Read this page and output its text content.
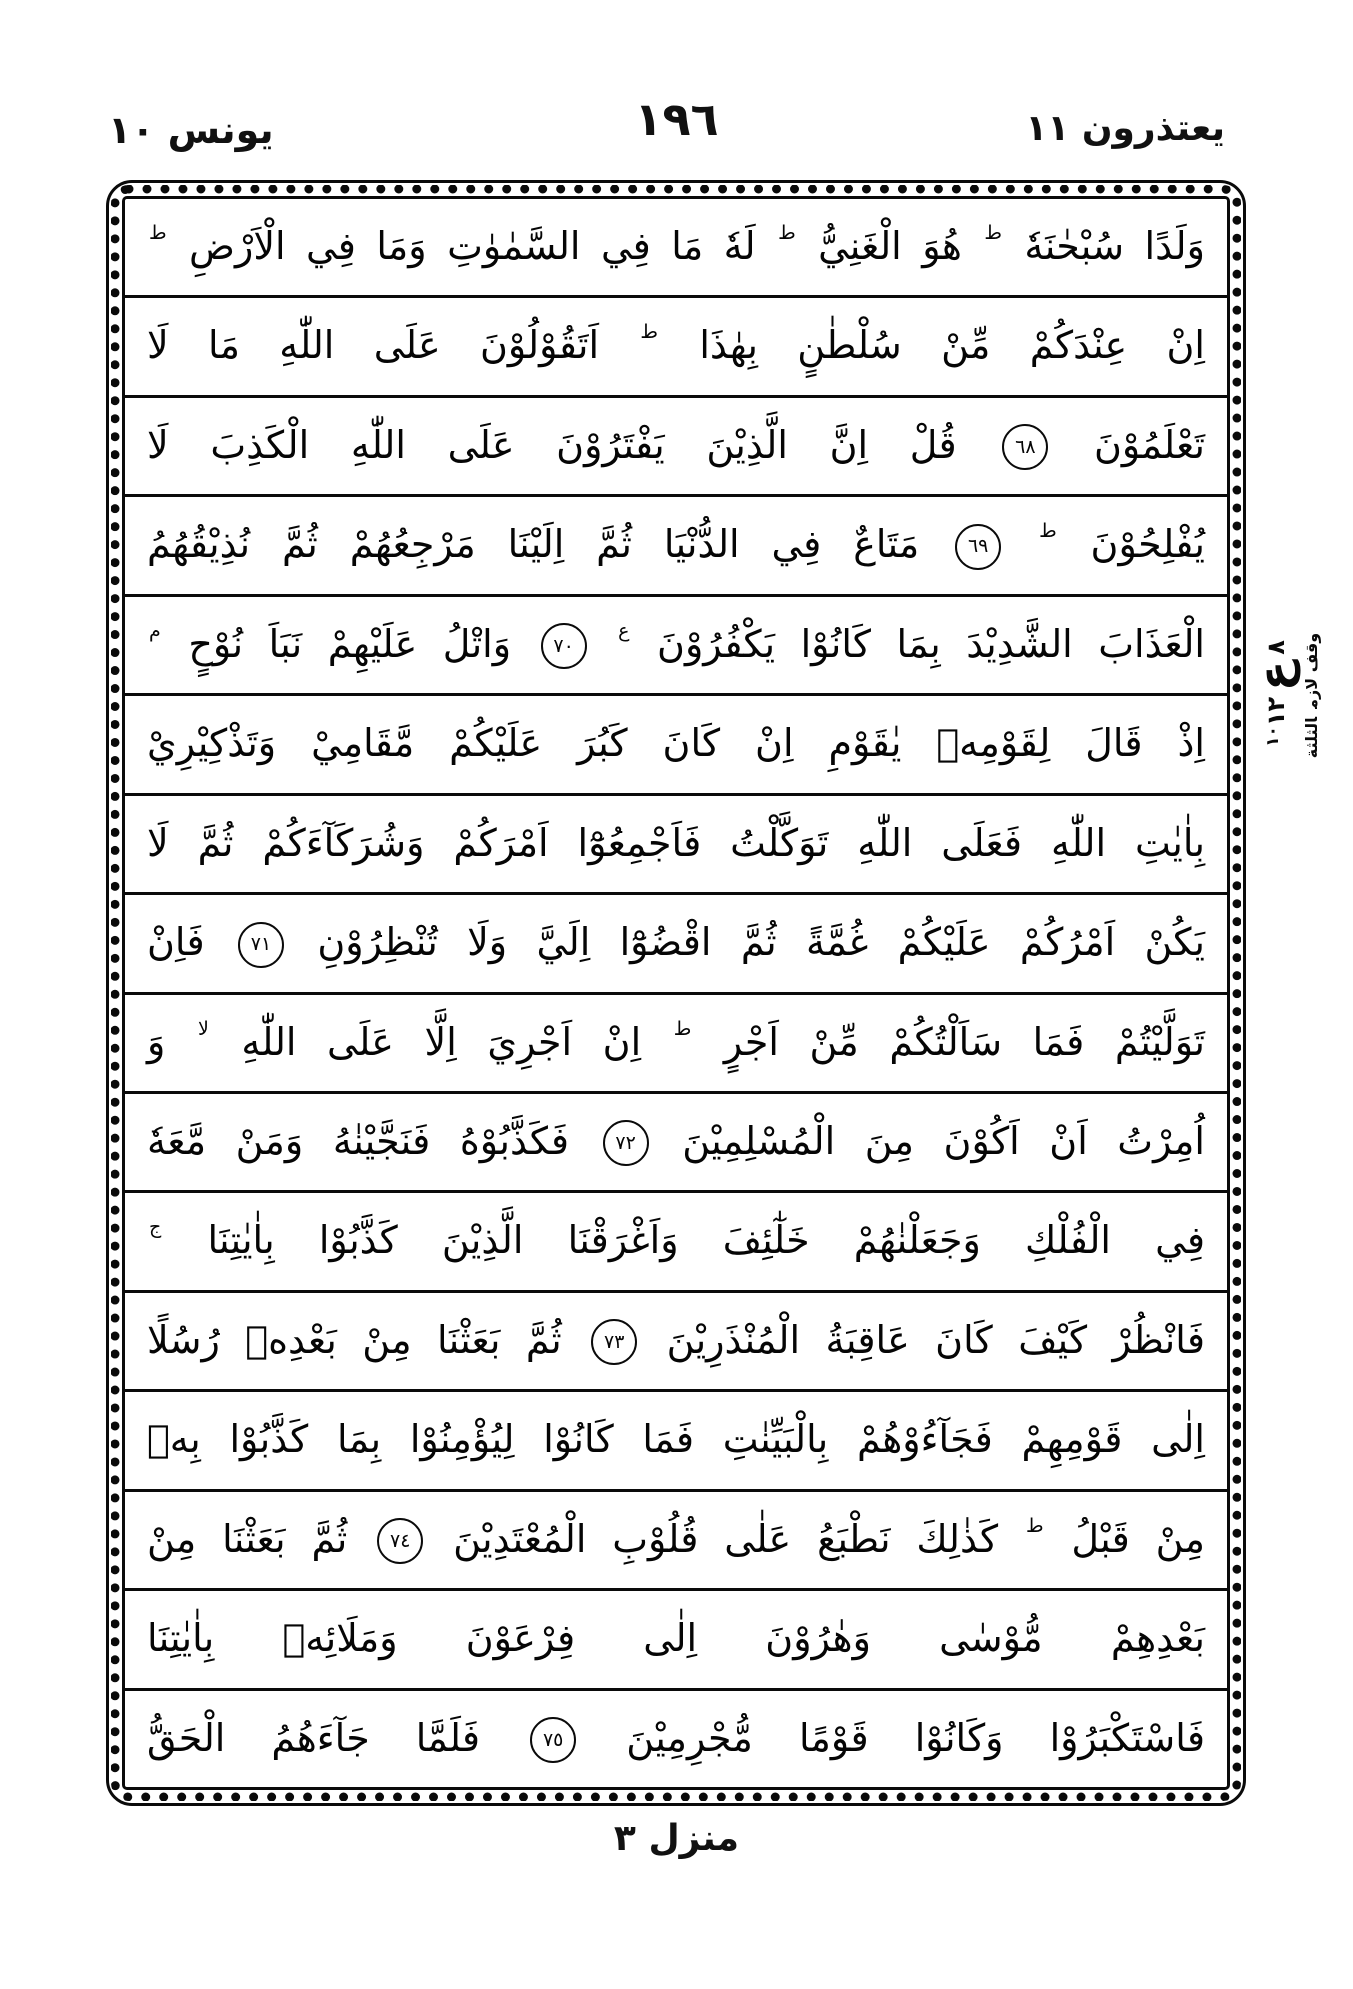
يعتذرون ١١
١٩٦
يونس ١٠
وَلَدًا سُبْحٰنَهٗ $^ط$ هُوَ الْغَنِيُّ $^ط$ لَهٗ مَا فِي السَّمٰوٰتِ وَمَا فِي الْاَرْضِ $^ط$
اِنْ عِنْدَكُمْ مِّنْ سُلْطٰنٍ بِهٰذَا $^ط$ اَتَقُوْلُوْنَ عَلَى اللّٰهِ مَا لَا
تَعْلَمُوْنَ ٦٨ قُلْ اِنَّ الَّذِيْنَ يَفْتَرُوْنَ عَلَى اللّٰهِ الْكَذِبَ لَا
يُفْلِحُوْنَ $^ط$ ٦٩ مَتَاعٌ فِي الدُّنْيَا ثُمَّ اِلَيْنَا مَرْجِعُهُمْ ثُمَّ نُذِيْقُهُمُ
الْعَذَابَ الشَّدِيْدَ بِمَا كَانُوْا يَكْفُرُوْنَ $^ع$ ٧٠ وَاتْلُ عَلَيْهِمْ نَبَاَ نُوْحٍ $^م$
اِذْ قَالَ لِقَوْمِهٖ يٰقَوْمِ اِنْ كَانَ كَبُرَ عَلَيْكُمْ مَّقَامِيْ وَتَذْكِيْرِيْ
بِاٰيٰتِ اللّٰهِ فَعَلَى اللّٰهِ تَوَكَّلْتُ فَاَجْمِعُوْٓا اَمْرَكُمْ وَشُرَكَآءَكُمْ ثُمَّ لَا
يَكُنْ اَمْرُكُمْ عَلَيْكُمْ غُمَّةً ثُمَّ اقْضُوْٓا اِلَيَّ وَلَا تُنْظِرُوْنِ ٧١ فَاِنْ
تَوَلَّيْتُمْ فَمَا سَاَلْتُكُمْ مِّنْ اَجْرٍ $^ط$ اِنْ اَجْرِيَ اِلَّا عَلَى اللّٰهِ $^{لا}$ وَ
اُمِرْتُ اَنْ اَكُوْنَ مِنَ الْمُسْلِمِيْنَ ٧٢ فَكَذَّبُوْهُ فَنَجَّيْنٰهُ وَمَنْ مَّعَهٗ
فِي الْفُلْكِ وَجَعَلْنٰهُمْ خَلٰٓئِفَ وَاَغْرَقْنَا الَّذِيْنَ كَذَّبُوْا بِاٰيٰتِنَا $^ج$
فَانْظُرْ كَيْفَ كَانَ عَاقِبَةُ الْمُنْذَرِيْنَ ٧٣ ثُمَّ بَعَثْنَا مِنْ بَعْدِهٖ رُسُلًا
اِلٰى قَوْمِهِمْ فَجَآءُوْهُمْ بِالْبَيِّنٰتِ فَمَا كَانُوْا لِيُؤْمِنُوْا بِمَا كَذَّبُوْا بِهٖ
مِنْ قَبْلُ $^ط$ كَذٰلِكَ نَطْبَعُ عَلٰى قُلُوْبِ الْمُعْتَدِيْنَ ٧٤ ثُمَّ بَعَثْنَا مِنْ
بَعْدِهِمْ مُّوْسٰى وَهٰرُوْنَ اِلٰى فِرْعَوْنَ وَمَلَائِهٖ بِاٰيٰتِنَا
فَاسْتَكْبَرُوْا وَكَانُوْا قَوْمًا مُّجْرِمِيْنَ ٧٥ فَلَمَّا جَآءَهُمُ الْحَقُّ
٨ع$^{١٠}$١٢
وقف لازمالثلثة
منزل ٣
